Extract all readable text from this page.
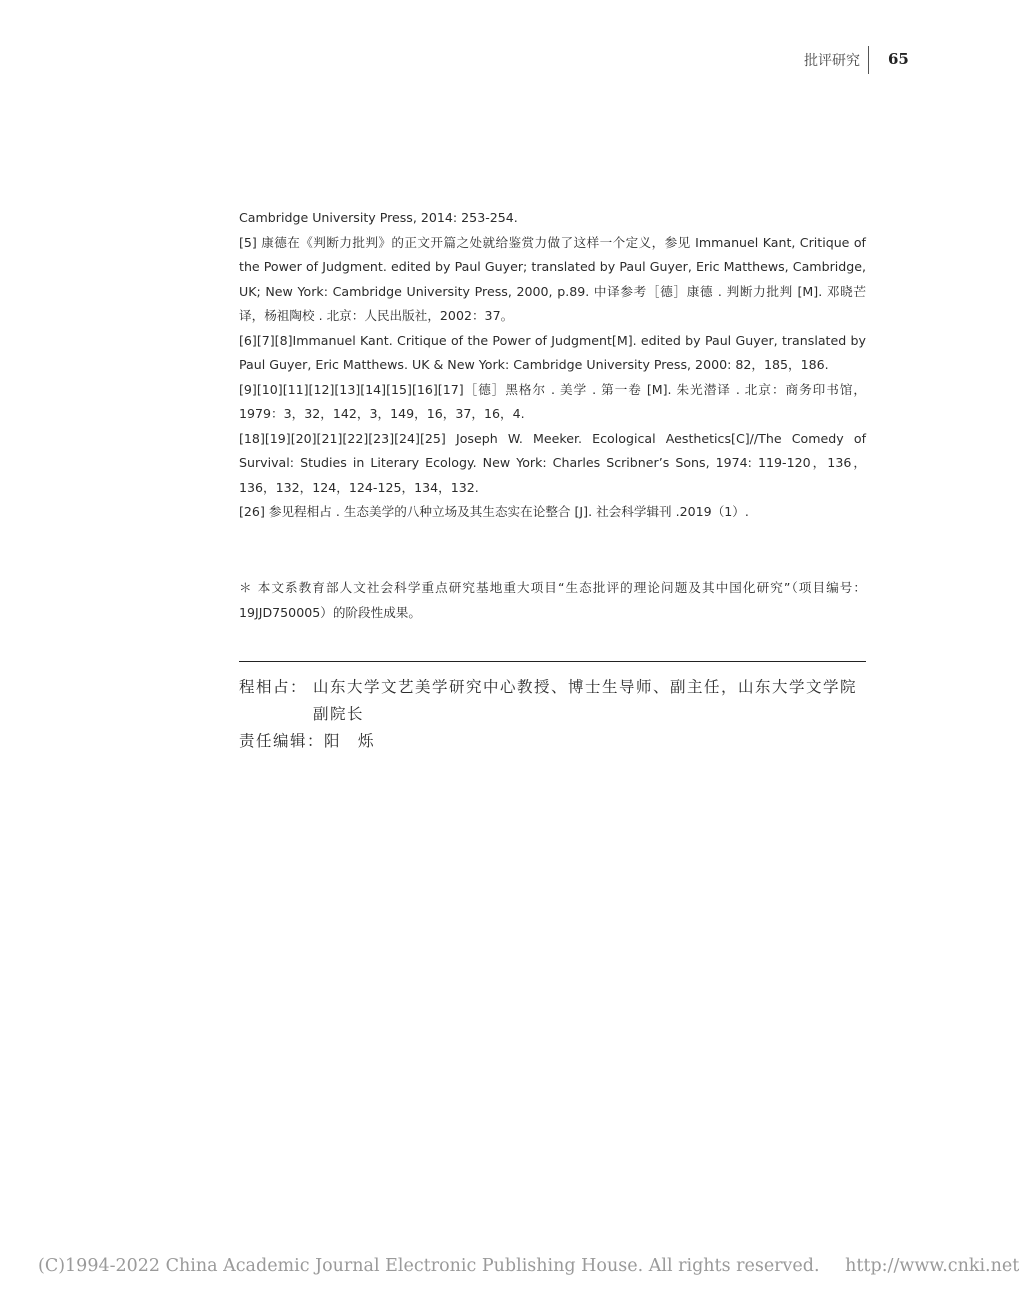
批评研究 65

Cambridge University Press, 2014: 253-254.

[5] 康德在《判断力批判》的正文开篇之处就给鉴赏力做了这样一个定义，参见 Immanuel Kant, Critique of the Power of Judgment. edited by Paul Guyer; translated by Paul Guyer, Eric Matthews, Cambridge, UK; New York: Cambridge University Press, 2000, p.89. 中译参考［德］康德 . 判断力批判 [M]. 邓晓芒译，杨祖陶校 . 北京：人民出版社，2002：37。

[6][7][8]Immanuel Kant. Critique of the Power of Judgment[M]. edited by Paul Guyer, translated by Paul Guyer, Eric Matthews. UK & New York: Cambridge University Press, 2000: 82，185，186.

[9][10][11][12][13][14][15][16][17]［德］黑格尔 . 美学 . 第一卷 [M]. 朱光潜译 . 北京：商务印书馆，1979：3，32，142，3，149，16，37，16，4.

[18][19][20][21][22][23][24][25] Joseph W. Meeker. Ecological Aesthetics[C]//The Comedy of Survival: Studies in Literary Ecology. New York: Charles Scribner’s Sons, 1974: 119-120，136，136，132，124，124-125，134，132.

[26] 参见程相占 . 生态美学的八种立场及其生态实在论整合 [J]. 社会科学辑刊 .2019（1）.

＊ 本文系教育部人文社会科学重点研究基地重大项目“生态批评的理论问题及其中国化研究”（项目编号：19JJD750005）的阶段性成果。
程相占： 山东大学文艺美学研究中心教授、博士生导师、副主任，山东大学文学院副院长
责任编辑： 阳　烁
(C)1994-2022 China Academic Journal Electronic Publishing House. All rights reserved. http://www.cnki.net
